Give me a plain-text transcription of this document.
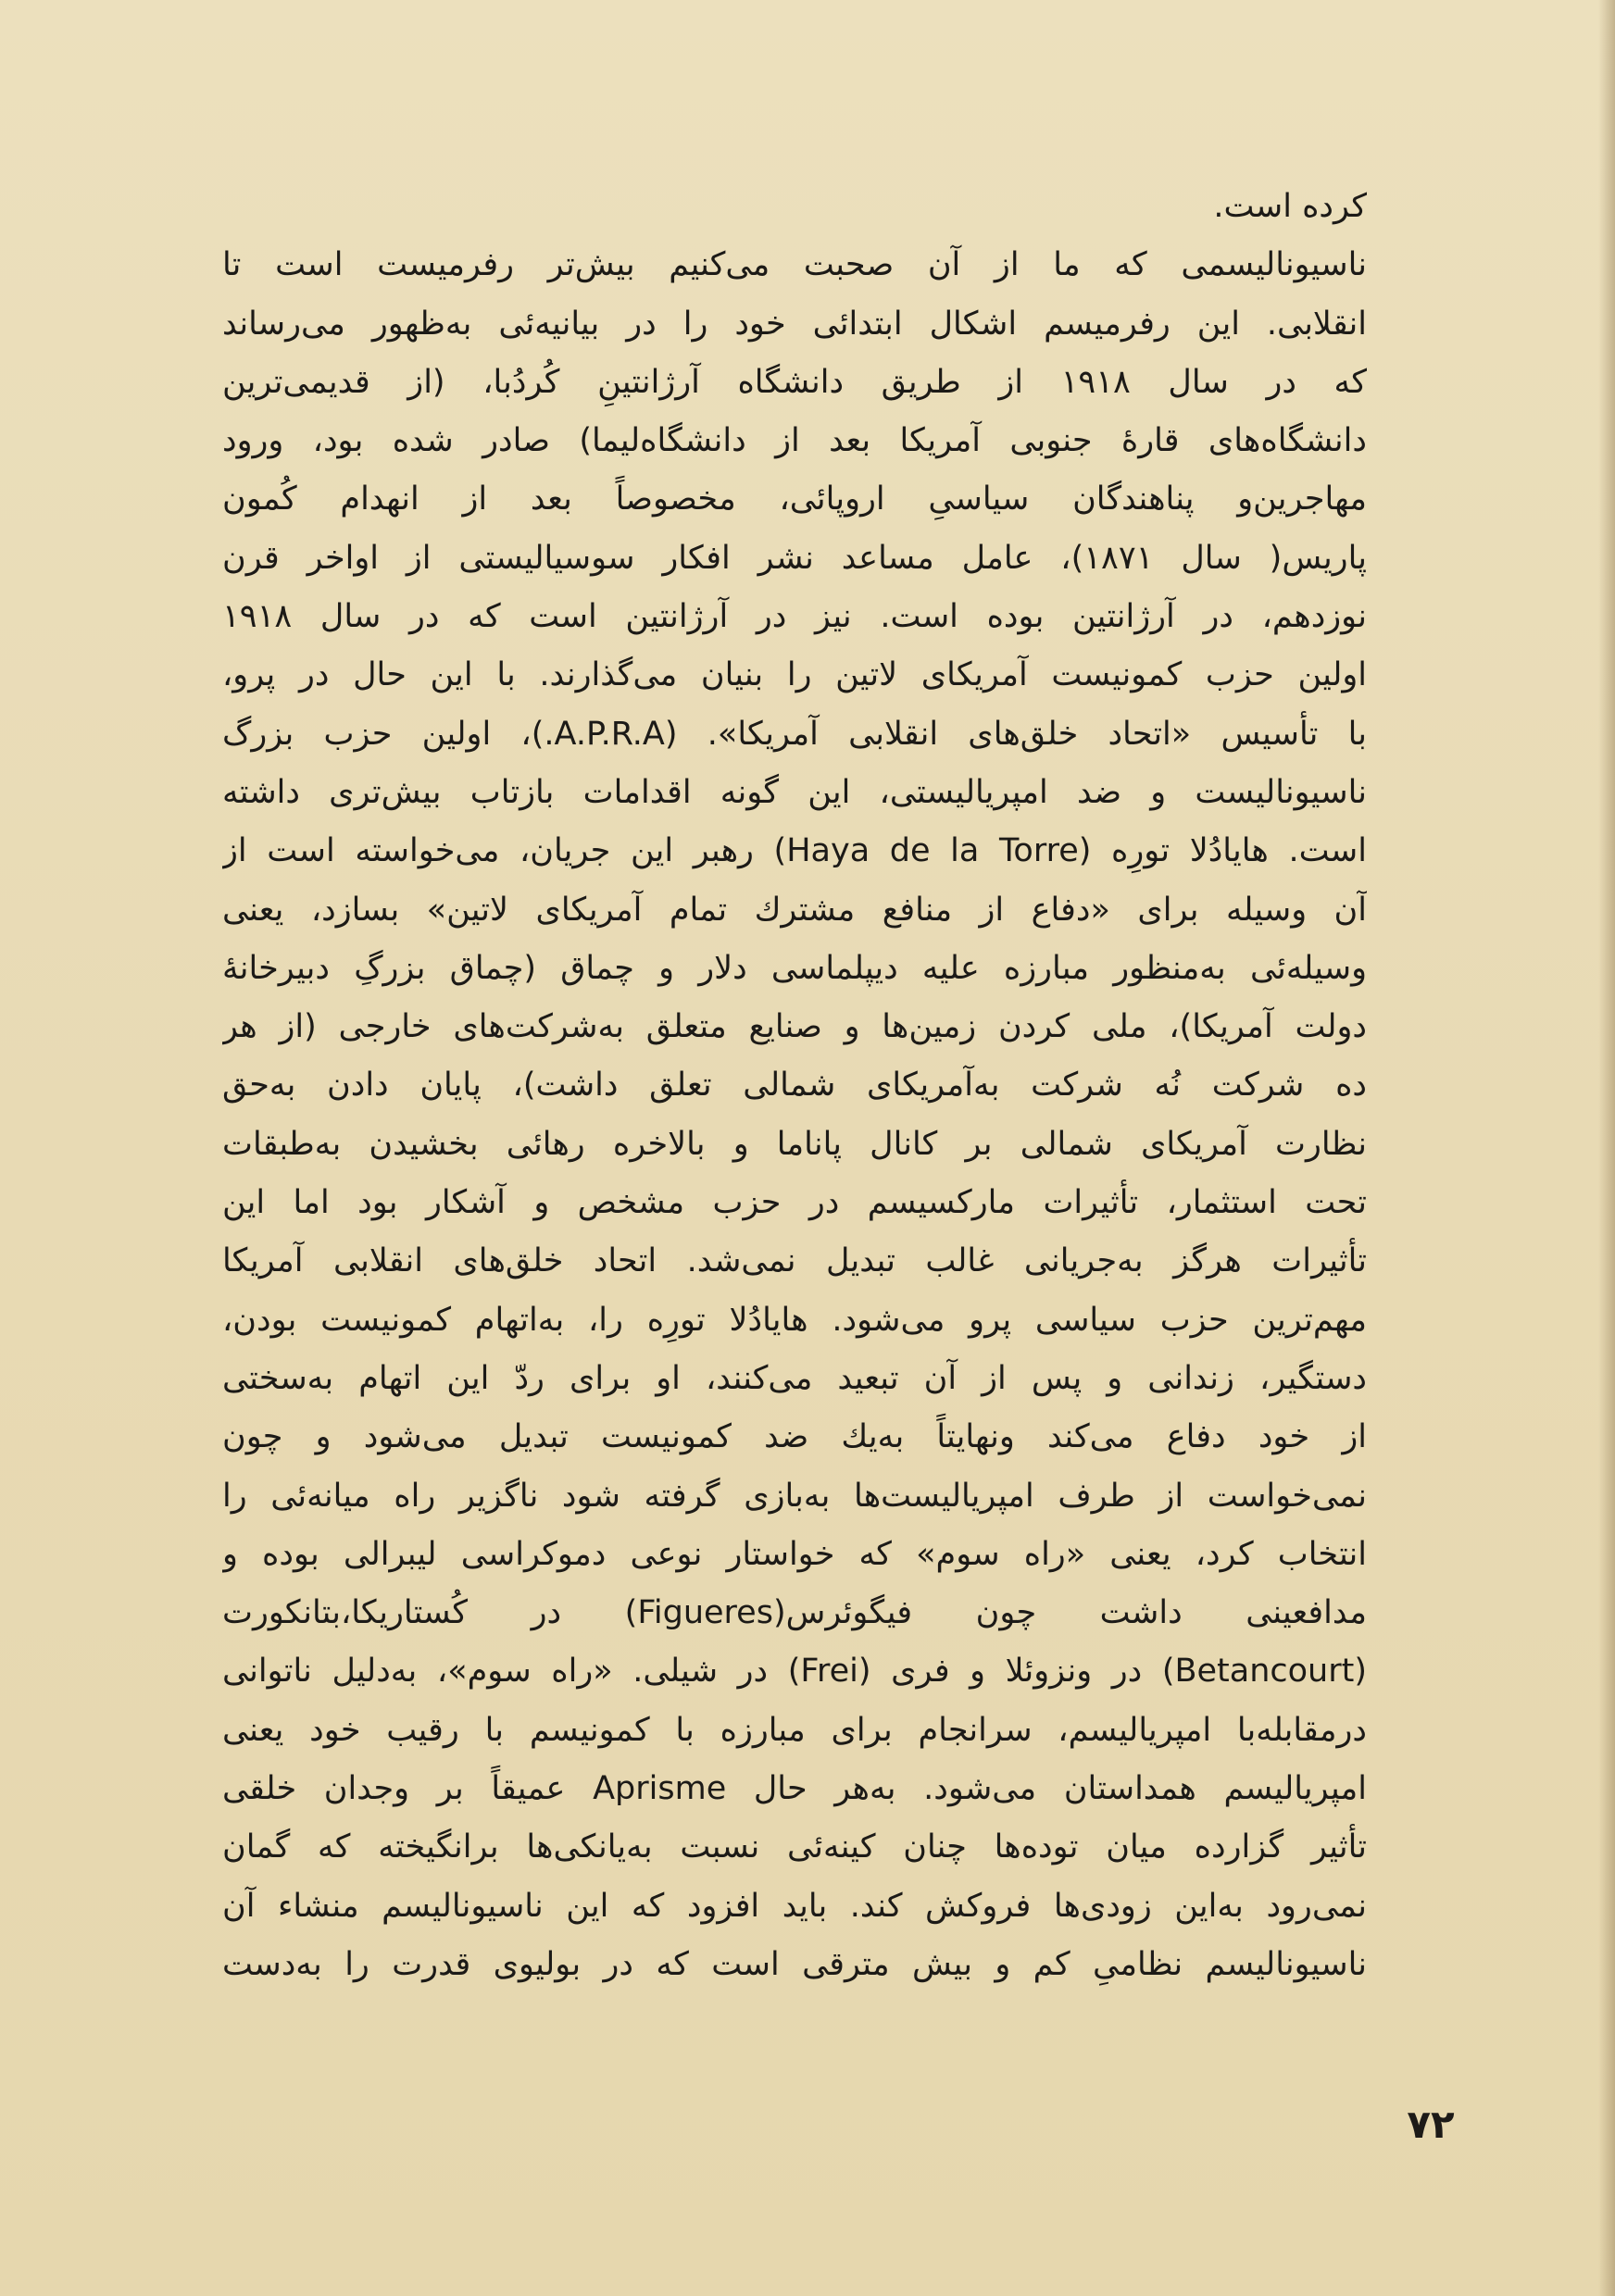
کرده است.
ناسیونالیسمی که ما از آن صحبت می‌کنیم بیش‌تر رفرمیست است تا
انقلابی. این رفرمیسم اشکال ابتدائی خود را در بیانیه‌ئی به‌ظهور می‌رساند
که در سال ۱۹۱۸ از طریق دانشگاه آرژانتینِ کُردُبا، (از قدیمی‌ترین
دانشگاه‌های قارهٔ جنوبی آمریکا بعد از دانشگاه‌لیما) صادر شده بود، ورود
مهاجرین‌و پناهندگان سیاسیِ اروپائی، مخصوصاً بعد از انهدام کُمون
پاریس( سال ۱۸۷۱)، عامل مساعد نشر افکار سوسیالیستی از اواخر قرن
نوزدهم، در آرژانتین بوده است. نیز در آرژانتین است که در سال ۱۹۱۸
اولین حزب کمونیست آمریکای لاتین را بنیان می‌گذارند. با این حال در پرو،
با تأسیس «اتحاد خلق‌های انقلابی آمریکا». (A.P.R.A.)، اولین حزب بزرگ
ناسیونالیست و ضد امپریالیستی، این گونه اقدامات بازتاب بیش‌تری داشته
است. هایادُلا تورِه (Haya de la Torre) رهبر این جریان، می‌خواسته است از
آن وسیله برای «دفاع از منافع مشترك تمام آمریکای لاتین» بسازد، یعنی
وسیله‌ئی به‌منظور مبارزه علیه دیپلماسی دلار و چماق (چماق بزرگِ دبیرخانهٔ
دولت آمریکا)، ملی کردن زمین‌ها و صنایع متعلق به‌شرکت‌های خارجی (از هر
ده شرکت نُه شرکت به‌آمریکای شمالی تعلق داشت)، پایان دادن به‌حق
نظارت آمریکای شمالی بر کانال پاناما و بالاخره رهائی بخشیدن به‌طبقات
تحت استثمار، تأثیرات مارکسیسم در حزب مشخص و آشکار بود اما این
تأثیرات هرگز به‌جریانی غالب تبدیل نمی‌شد. اتحاد خلق‌های انقلابی آمریکا
مهم‌ترین حزب سیاسی پرو می‌شود. هایادُلا تورِه را، به‌اتهام کمونیست بودن،
دستگیر، زندانی و پس از آن تبعید می‌کنند، او برای ردّ این اتهام به‌سختی
از خود دفاع می‌کند ونهایتاً به‌یك ضد کمونیست تبدیل می‌شود و چون
نمی‌خواست از طرف امپریالیست‌ها به‌بازی گرفته شود ناگزیر راه میانه‌ئی را
انتخاب کرد، یعنی «راه سوم» که خواستار نوعی دموکراسی لیبرالی بوده و
مدافعینی داشت چون فیگوئرس(Figueres) در کُستاریکا،بتانکورت
(Betancourt) در ونزوئلا و فری (Frei) در شیلی. «راه سوم»، به‌دلیل ناتوانی
درمقابله‌با امپریالیسم، سرانجام برای مبارزه با کمونیسم با رقیب خود یعنی
امپریالیسم همداستان می‌شود. به‌هر حال Aprisme عمیقاً بر وجدان خلقی
تأثیر گزارده میان توده‌ها چنان کینه‌ئی نسبت به‌یانکی‌ها برانگیخته که گمان
نمی‌رود به‌این زودی‌ها فروکش کند. باید افزود که این ناسیونالیسم منشاء آن
ناسیونالیسم نظامیِ کم و بیش مترقی است که در بولیوی قدرت را به‌دست
۷۲
